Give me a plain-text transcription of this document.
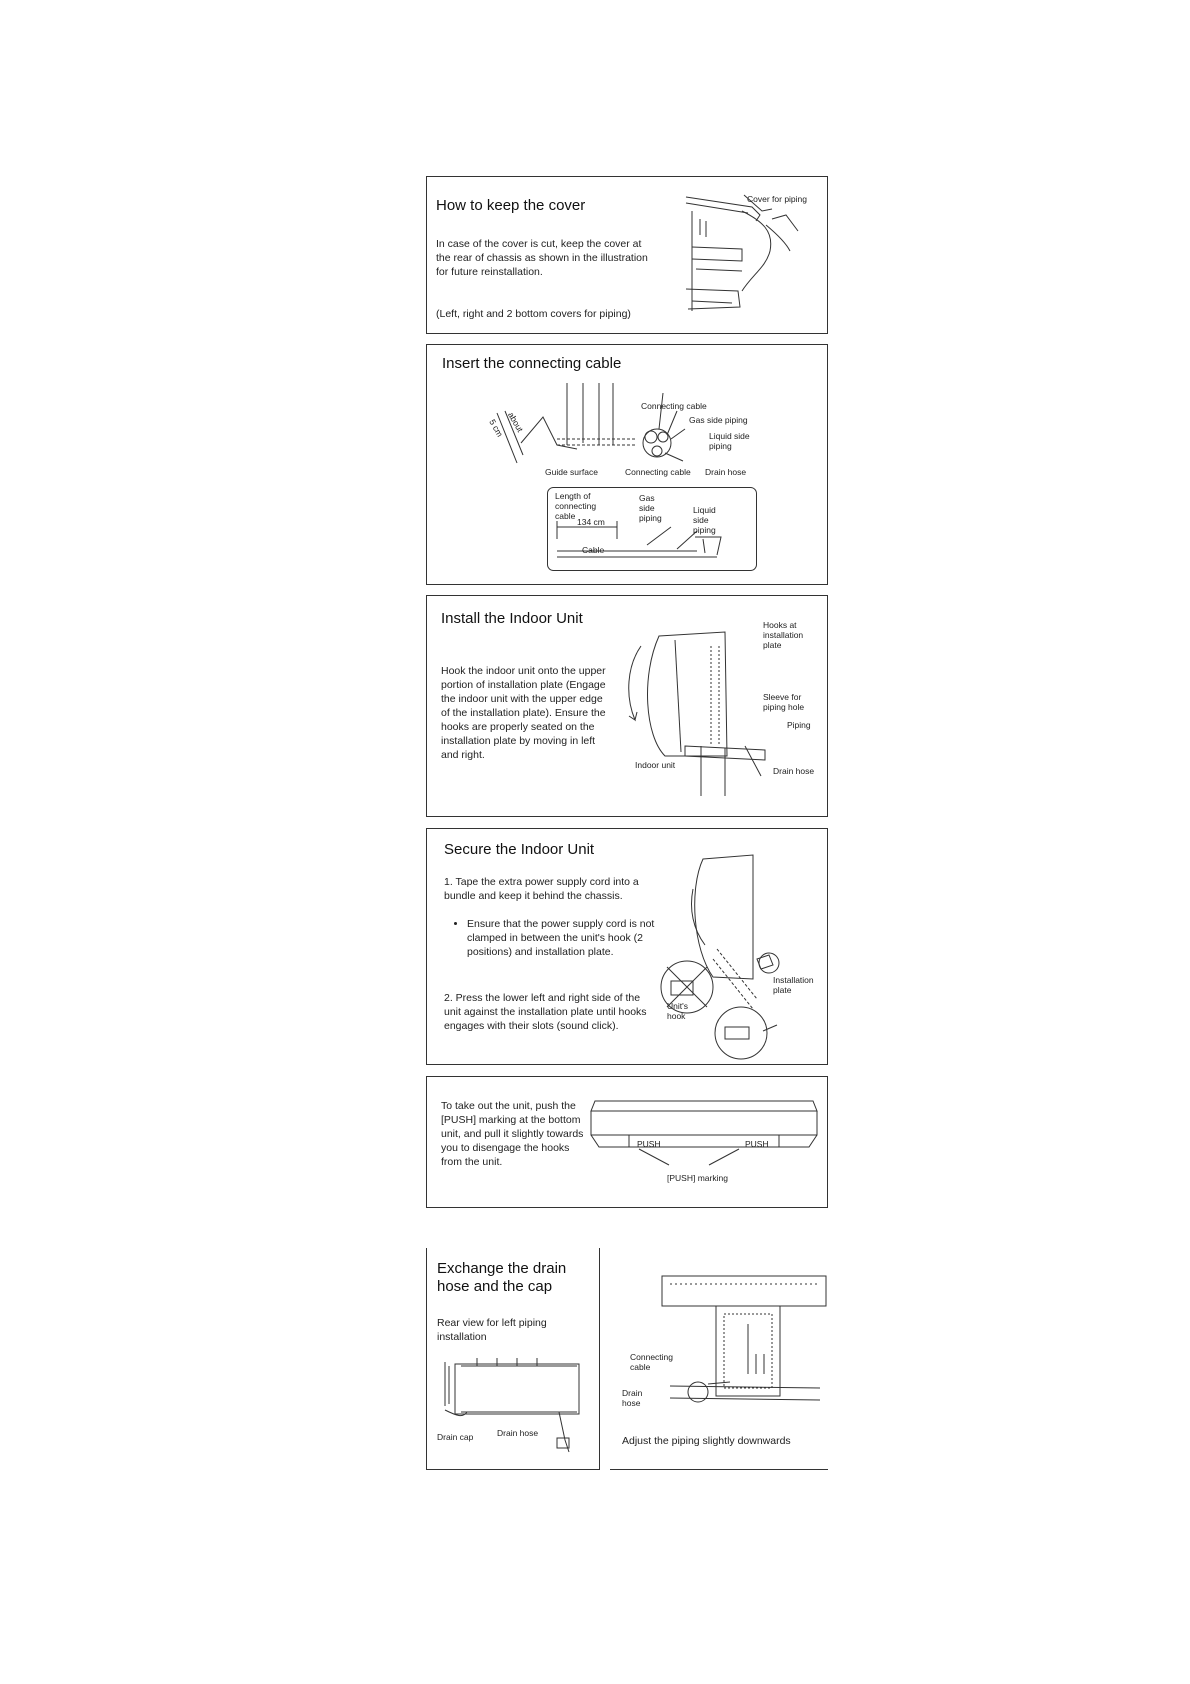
How to keep the cover
In case of the cover is cut, keep the cover at the rear of chassis as shown in the illustration for future reinstallation.
(Left, right and 2 bottom covers for piping)
Cover for piping
Insert the connecting cable
about
5 cm
Connecting cable
Gas side piping
Liquid side piping
Drain hose
Guide surface	Connecting cable
Length of connecting cable
Gas side piping
Liquid side piping
134 cm
Cable
Install the Indoor Unit
Hook the indoor unit onto the upper portion of installation plate (Engage the indoor unit with the upper edge of the installation plate). Ensure the hooks are properly seated on the installation plate by moving in left and right.
Hooks at installation plate
Sleeve for piping hole
Piping
Indoor unit
Drain hose
Secure the Indoor Unit
1. Tape the extra power supply cord into a bundle and keep it behind the chassis.
• Ensure that the power supply cord is not clamped in between the unit's hook (2 positions) and installation plate.
2. Press the lower left and right side of the unit against the installation plate until hooks engages with their slots (sound click).
Installation plate
Unit's hook
To take out the unit, push the [PUSH] marking at the bottom unit, and pull it slightly towards you to disengage the hooks from the unit.
PUSH	PUSH
[PUSH] marking
Exchange the drain hose and the cap
Rear view for left piping installation
Drain cap	Drain hose
Connecting cable
Drain hose
Adjust the piping slightly downwards
